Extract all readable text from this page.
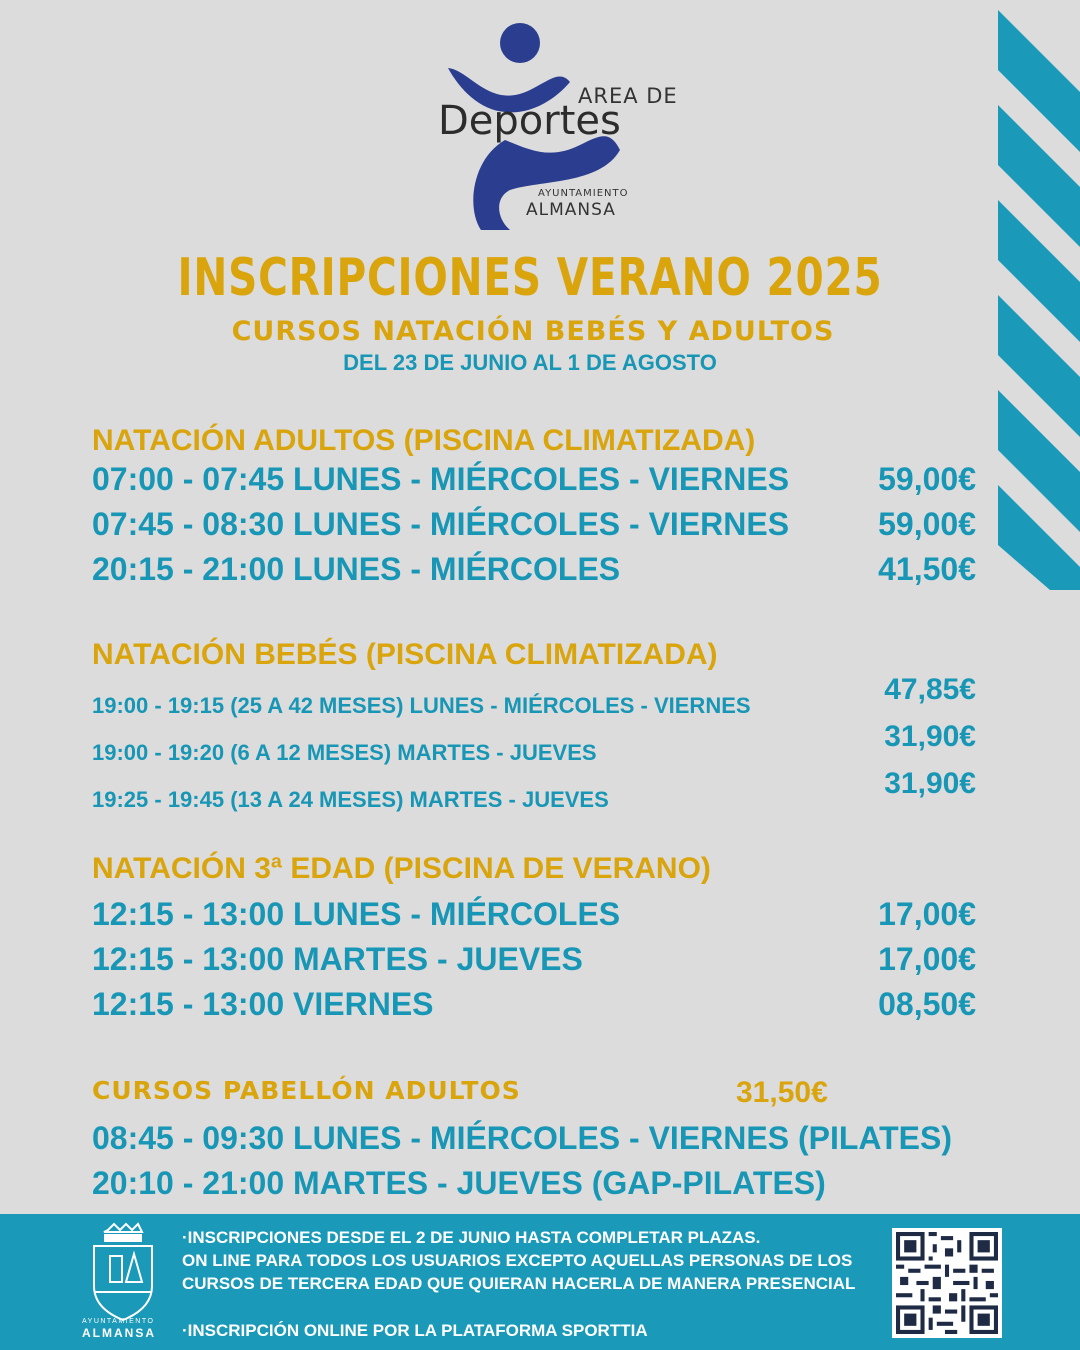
AREA DE
Deportes
AYUNTAMIENTO
ALMANSA
INSCRIPCIONES VERANO 2025
CURSOS NATACIÓN BEBÉS Y ADULTOS
DEL 23 DE JUNIO AL 1 DE AGOSTO
NATACIÓN ADULTOS (PISCINA CLIMATIZADA)
07:00 - 07:45 LUNES - MIÉRCOLES - VIERNES	59,00€
07:45 - 08:30 LUNES - MIÉRCOLES - VIERNES	59,00€
20:15 - 21:00 LUNES - MIÉRCOLES	41,50€
NATACIÓN BEBÉS (PISCINA CLIMATIZADA)
19:00 - 19:15 (25 A 42 MESES) LUNES - MIÉRCOLES - VIERNES	47,85€
19:00 - 19:20 (6 A 12 MESES) MARTES - JUEVES	31,90€
19:25 - 19:45 (13 A 24 MESES) MARTES - JUEVES	31,90€
NATACIÓN 3ª EDAD (PISCINA DE VERANO)
12:15 - 13:00 LUNES - MIÉRCOLES	17,00€
12:15 - 13:00 MARTES - JUEVES	17,00€
12:15 - 13:00 VIERNES	08,50€
CURSOS PABELLÓN ADULTOS	31,50€
08:45 - 09:30 LUNES - MIÉRCOLES - VIERNES (PILATES)
20:10 - 21:00 MARTES - JUEVES (GAP-PILATES)
AYUNTAMIENTO
ALMANSA
·INSCRIPCIONES DESDE EL 2 DE JUNIO HASTA COMPLETAR PLAZAS.
ON LINE PARA TODOS LOS USUARIOS EXCEPTO AQUELLAS PERSONAS DE LOS
CURSOS DE TERCERA EDAD QUE QUIERAN HACERLA DE MANERA PRESENCIAL
·INSCRIPCIÓN ONLINE POR LA PLATAFORMA SPORTTIA
